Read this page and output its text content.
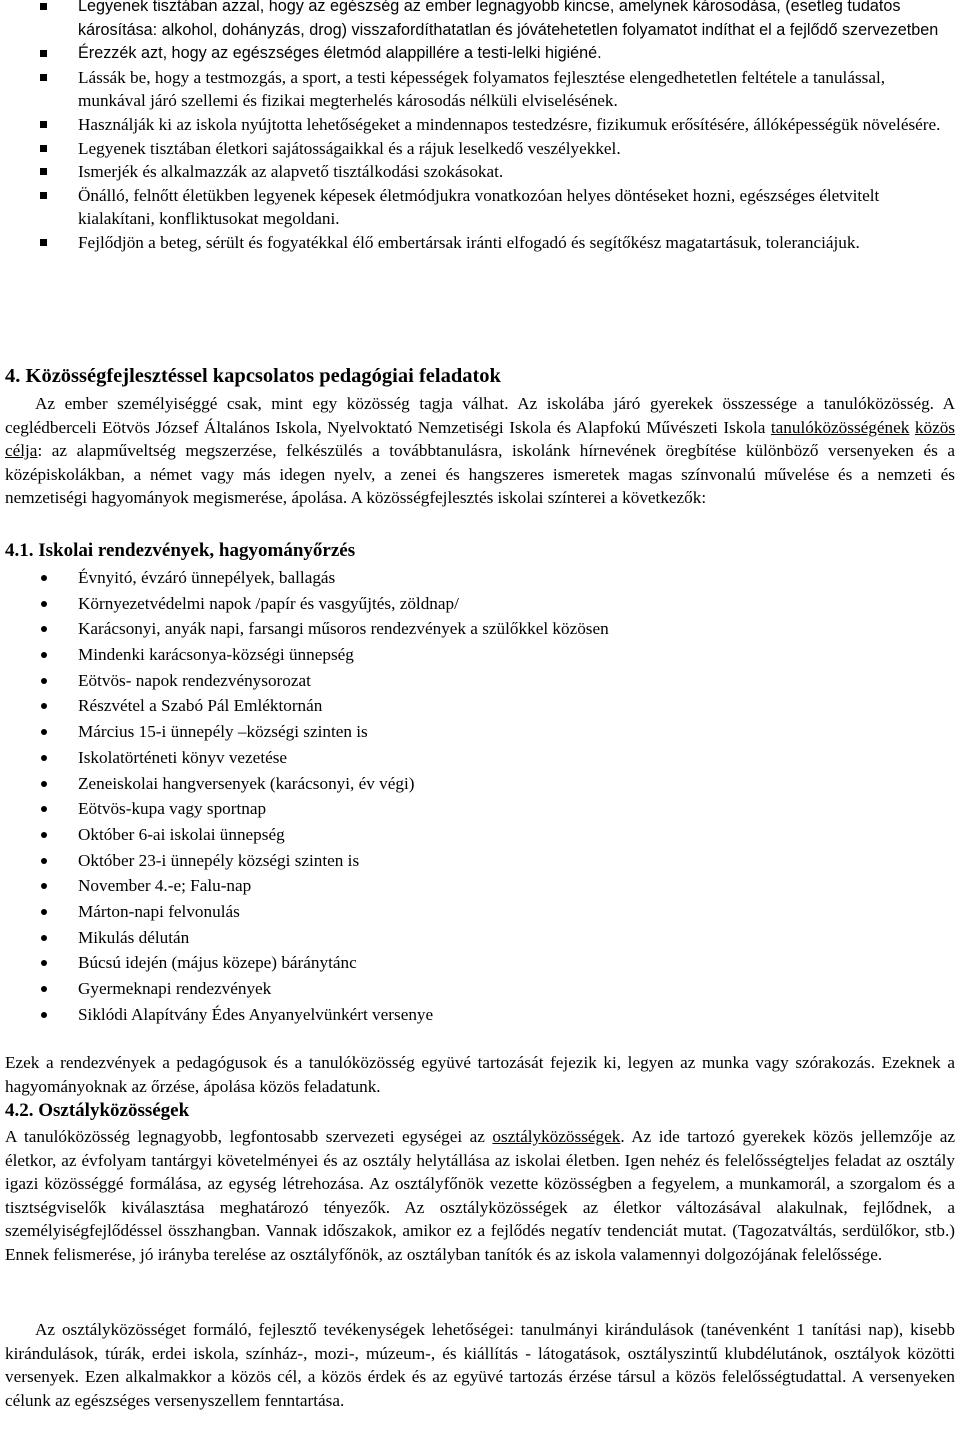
Legyenek tisztában azzal, hogy az egészség az ember legnagyobb kincse, amelynek károsodása, (esetleg tudatos károsítása: alkohol, dohányzás, drog) visszafordíthatatlan és jóvátehetetlen folyamatot indíthat el a fejlődő szervezetben
Érezzék azt, hogy az egészséges életmód alappillére a testi-lelki higiéné.
Lássák be, hogy a testmozgás, a sport, a testi képességek folyamatos fejlesztése elengedhetetlen feltétele a tanulással, munkával járó szellemi és fizikai megterhelés károsodás nélküli elviselésének.
Használják ki az iskola nyújtotta lehetőségeket a mindennapos testedzésre, fizikumuk erősítésére, állóképességük növelésére.
Legyenek tisztában életkori sajátosságaikkal és a rájuk leselkedő veszélyekkel.
Ismerjék és alkalmazzák az alapvető tisztálkodási szokásokat.
Önálló, felnőtt életükben legyenek képesek életmódjukra vonatkozóan helyes döntéseket hozni, egészséges életvitelt kialakítani, konfliktusokat megoldani.
Fejlődjön a beteg, sérült és fogyatékkal élő embertársak iránti elfogadó és segítőkész magatartásuk, toleranciájuk.
4. Közösségfejlesztéssel kapcsolatos pedagógiai feladatok

Az ember személyiséggé csak, mint egy közösség tagja válhat. Az iskolába járó gyerekek összessége a tanulóközösség. A ceglédberceli Eötvös József Általános Iskola, Nyelvoktató Nemzetiségi Iskola és Alapfokú Művészeti Iskola tanulóközösségének közös célja: az alapműveltség megszerzése, felkészülés a továbbtanulásra, iskolánk hírnevének öregbítése különböző versenyeken és a középiskolákban, a német vagy más idegen nyelv, a zenei és hangszeres ismeretek magas színvonalú művelése és a nemzeti és nemzetiségi hagyományok megismerése, ápolása. A közösségfejlesztés iskolai színterei a következők:

4.1. Iskolai rendezvények, hagyományőrzés
Évnyitó, évzáró ünnepélyek, ballagás
Környezetvédelmi napok /papír és vasgyűjtés, zöldnap/
Karácsonyi, anyák napi, farsangi műsoros rendezvények a szülőkkel közösen
Mindenki karácsonya-községi ünnepség
Eötvös- napok rendezvénysorozat
Részvétel a Szabó Pál Emléktornán
Március 15-i ünnepély –községi szinten is
Iskolatörténeti könyv vezetése
Zeneiskolai hangversenyek (karácsonyi, év végi)
Eötvös-kupa vagy sportnap
Október 6-ai iskolai ünnepség
Október 23-i ünnepély községi szinten is
November 4.-e; Falu-nap
Márton-napi felvonulás
Mikulás délután
Búcsú idején (május közepe) báránytánc
Gyermeknapi rendezvények
Siklódi Alapítvány Édes Anyanyelvünkért versenye

Ezek a rendezvények a pedagógusok és a tanulóközösség együvé tartozását fejezik ki, legyen az munka vagy szórakozás. Ezeknek a hagyományoknak az őrzése, ápolása közös feladatunk.

4.2. Osztályközösségek

A tanulóközösség legnagyobb, legfontosabb szervezeti egységei az osztályközösségek. Az ide tartozó gyerekek közös jellemzője az életkor, az évfolyam tantárgyi követelményei és az osztály helytállása az iskolai életben. Igen nehéz és felelősségteljes feladat az osztály igazi közösséggé formálása, az egység létrehozása. Az osztályfőnök vezette közösségben a fegyelem, a munkamorál, a szorgalom és a tisztségviselők kiválasztása meghatározó tényezők. Az osztályközösségek az életkor változásával alakulnak, fejlődnek, a személyiségfejlődéssel összhangban. Vannak időszakok, amikor ez a fejlődés negatív tendenciát mutat. (Tagozatváltás, serdülőkor, stb.) Ennek felismerése, jó irányba terelése az osztályfőnök, az osztályban tanítók és az iskola valamennyi dolgozójának felelőssége.

Az osztályközösséget formáló, fejlesztő tevékenységek lehetőségei: tanulmányi kirándulások (tanévenként 1 tanítási nap), kisebb kirándulások, túrák, erdei iskola, színház-, mozi-, múzeum-, és kiállítás - látogatások, osztályszintű klubdélutánok, osztályok közötti versenyek. Ezen alkalmakkor a közös cél, a közös érdek és az együvé tartozás érzése társul a közös felelősségtudattal. A versenyeken célunk az egészséges versenyszellem fenntartása.
